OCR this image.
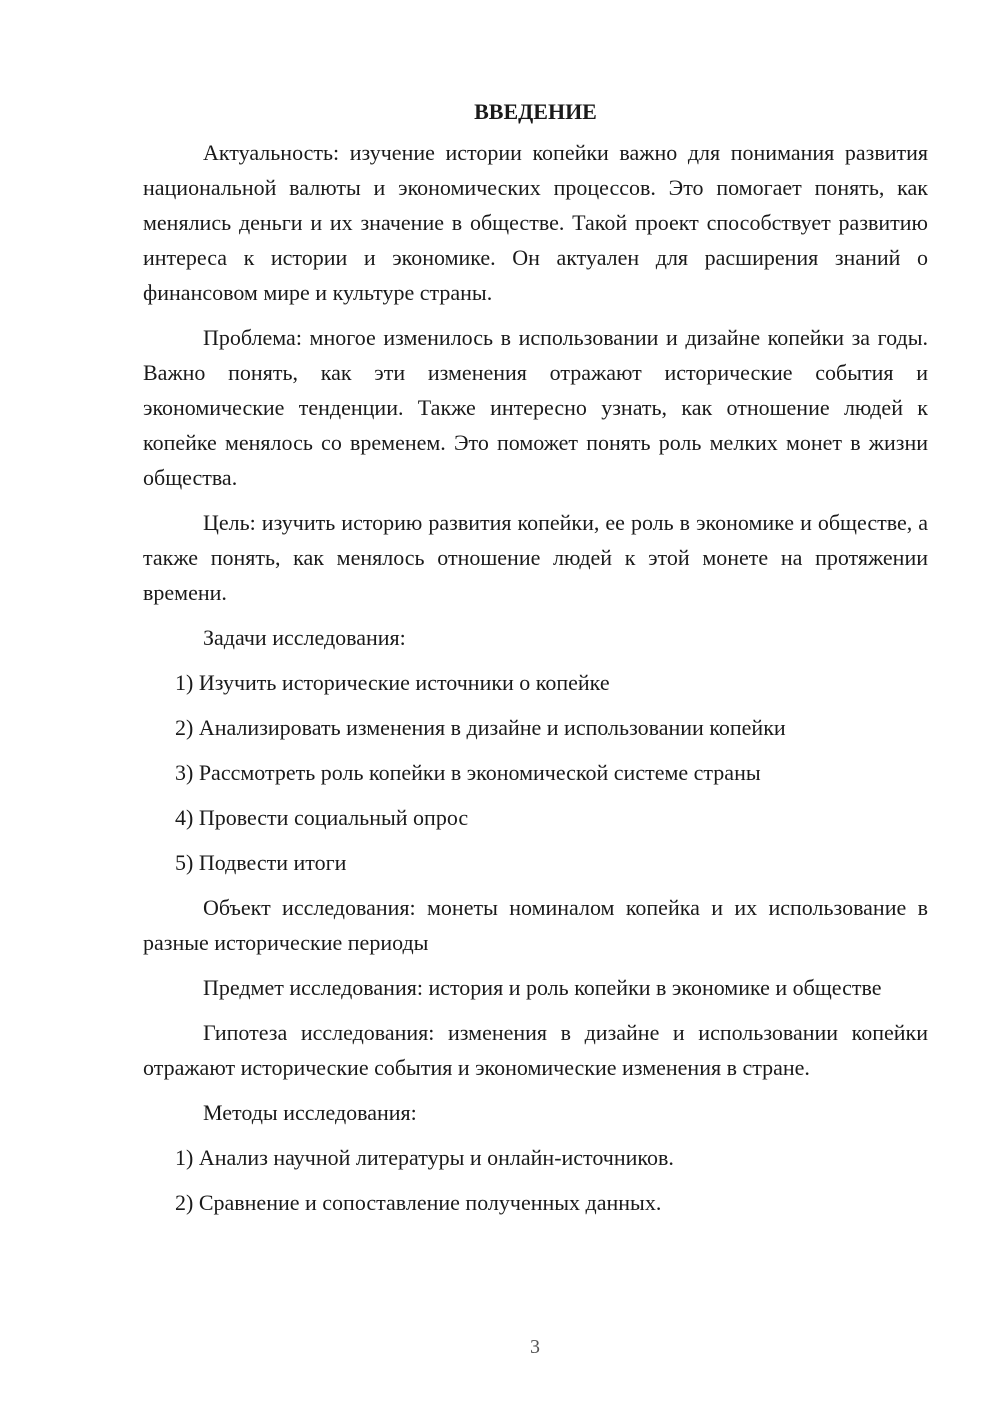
ВВЕДЕНИЕ

Актуальность: изучение истории копейки важно для понимания развития национальной валюты и экономических процессов. Это помогает понять, как менялись деньги и их значение в обществе. Такой проект способствует развитию интереса к истории и экономике. Он актуален для расширения знаний о финансовом мире и культуре страны.

Проблема: многое изменилось в использовании и дизайне копейки за годы. Важно понять, как эти изменения отражают исторические события и экономические тенденции. Также интересно узнать, как отношение людей к копейке менялось со временем. Это поможет понять роль мелких монет в жизни общества.

Цель: изучить историю развития копейки, ее роль в экономике и обществе, а также понять, как менялось отношение людей к этой монете на протяжении времени.

Задачи исследования:

1) Изучить исторические источники о копейке

2) Анализировать изменения в дизайне и использовании копейки

3) Рассмотреть роль копейки в экономической системе страны

4) Провести социальный опрос

5) Подвести итоги

Объект исследования: монеты номиналом копейка и их использование в разные исторические периоды

Предмет исследования: история и роль копейки в экономике и обществе

Гипотеза исследования: изменения в дизайне и использовании копейки отражают исторические события и экономические изменения в стране.

Методы исследования:

1) Анализ научной литературы и онлайн-источников.

2) Сравнение и сопоставление полученных данных.

3
